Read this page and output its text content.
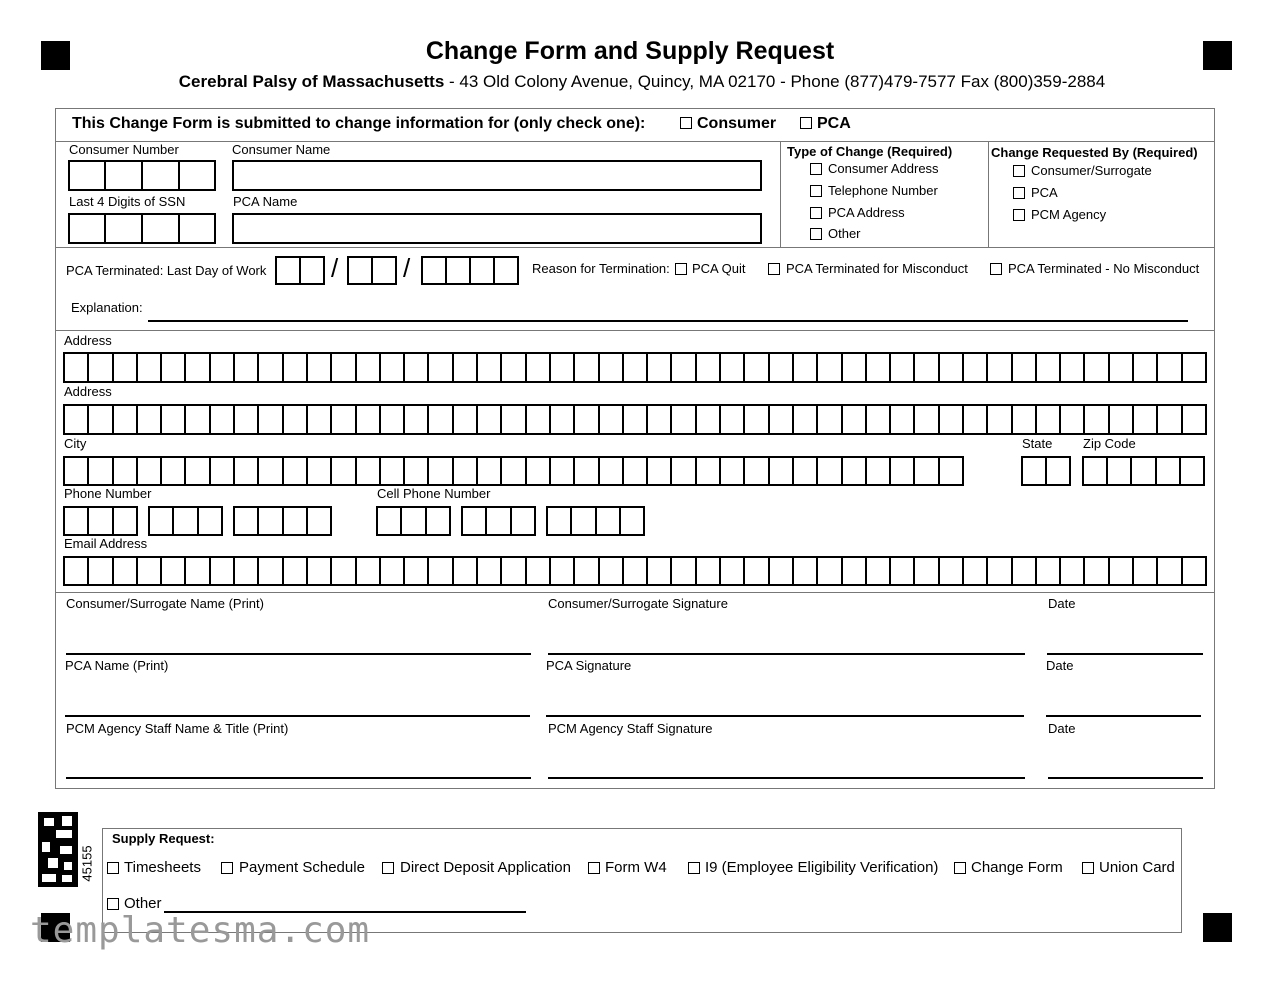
Change Form and Supply Request
Cerebral Palsy of Massachusetts - 43 Old Colony Avenue, Quincy, MA 02170 - Phone (877)479-7577 Fax (800)359-2884
This Change Form is submitted to change information for (only check one):	Consumer	PCA
Consumer Number	Consumer Name
Last 4 Digits of SSN	PCA Name
Type of Change (Required)
Consumer Address
Telephone Number
PCA Address
Other
Change Requested By (Required)
Consumer/Surrogate
PCA
PCM Agency
PCA Terminated: Last Day of Work / /	Reason for Termination: PCA Quit	PCA Terminated for Misconduct	PCA Terminated - No Misconduct
Explanation:
Address
Address
City	State Zip Code
Phone Number	Cell Phone Number
Email Address
Consumer/Surrogate Name (Print)	Consumer/Surrogate Signature	Date
PCA Name (Print)	PCA Signature	Date
PCM Agency Staff Name & Title (Print)	PCM Agency Staff Signature	Date
45155
Supply Request:
Timesheets	Payment Schedule Direct Deposit Application Form W4	I9 (Employee Eligibility Verification) Change Form Union Card
Other
templatesma.com
